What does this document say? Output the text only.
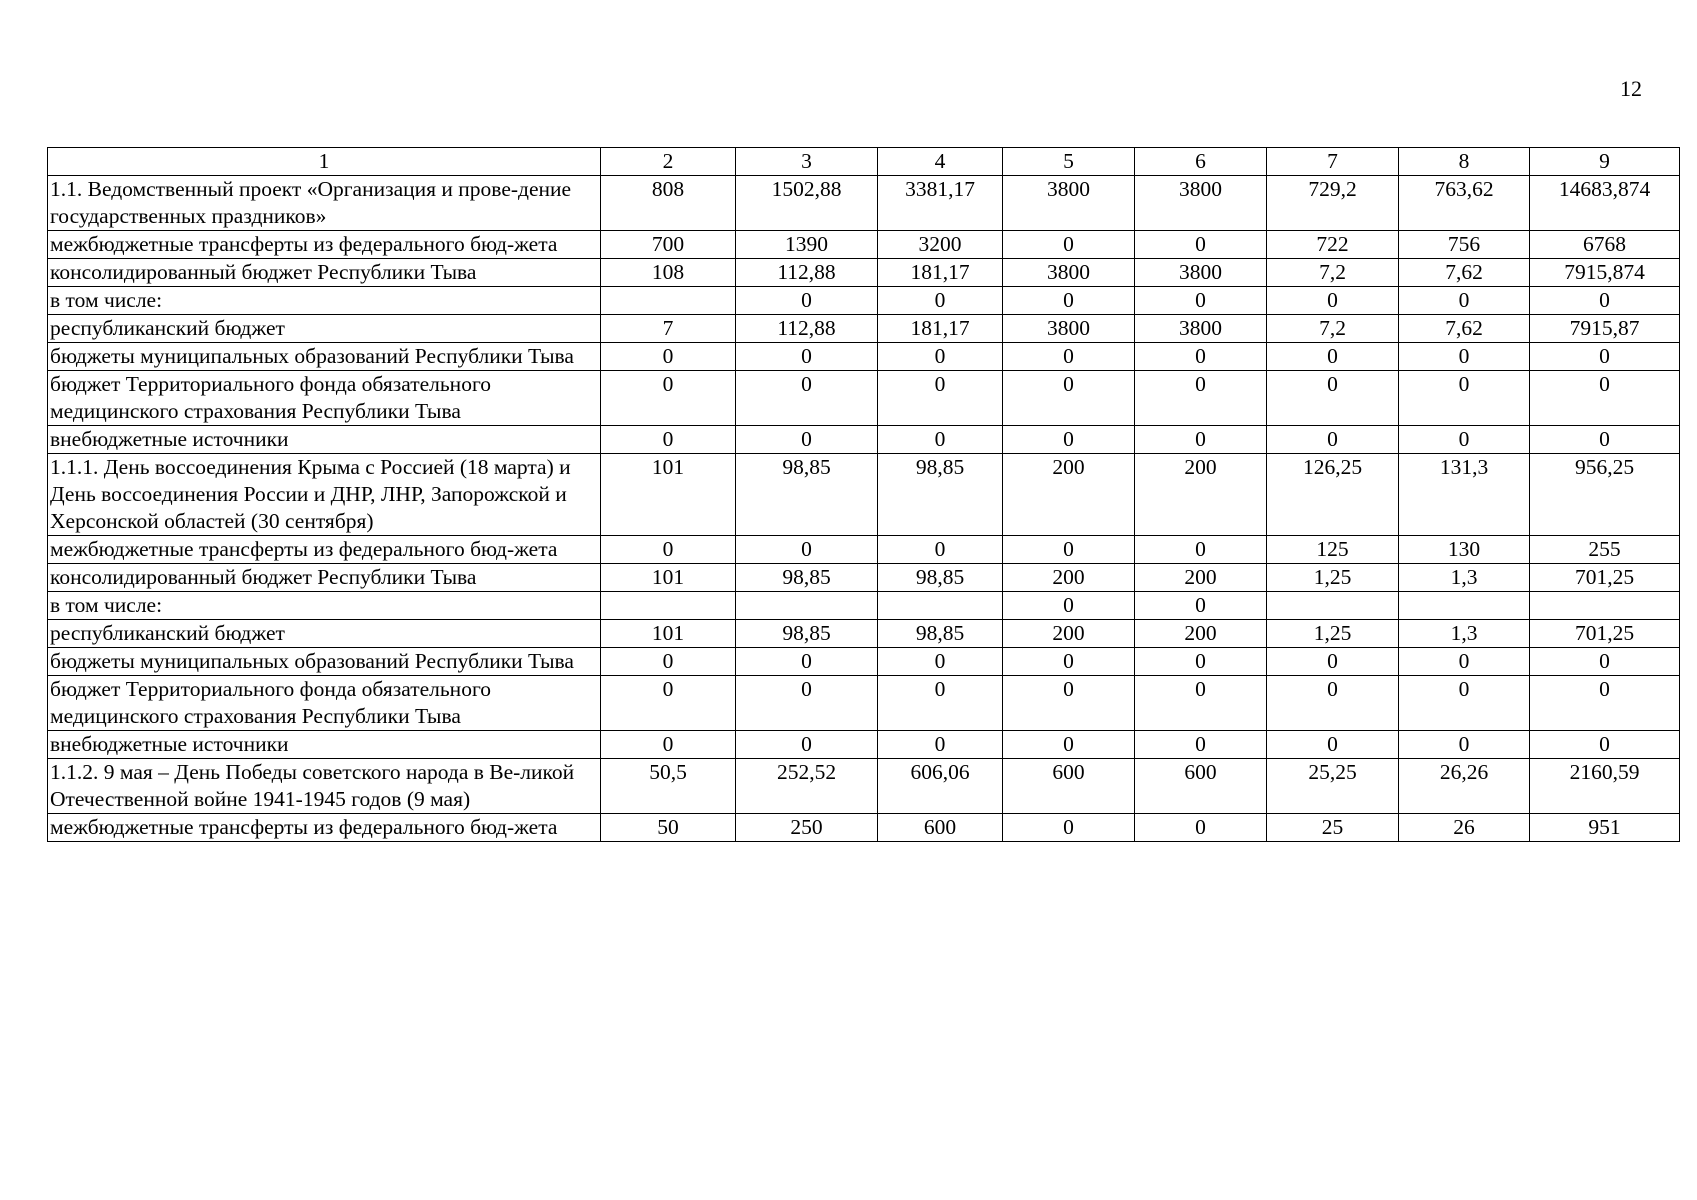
12
1	2	3	4	5	6	7	8	9
1.1. Ведомственный проект «Организация и прове-дение государственных праздников»	808	1502,88	3381,17	3800	3800	729,2	763,62	14683,874
межбюджетные трансферты из федерального бюд-жета	700	1390	3200	0	0	722	756	6768
консолидированный бюджет Республики Тыва	108	112,88	181,17	3800	3800	7,2	7,62	7915,874
в том числе:		0	0	0	0	0	0	0
республиканский бюджет	7	112,88	181,17	3800	3800	7,2	7,62	7915,87
бюджеты муниципальных образований Республики Тыва	0	0	0	0	0	0	0	0
бюджет Территориального фонда обязательного медицинского страхования Республики Тыва	0	0	0	0	0	0	0	0
внебюджетные источники	0	0	0	0	0	0	0	0
1.1.1. День воссоединения Крыма с Россией (18 марта) и День воссоединения России и ДНР, ЛНР, Запорожской и Херсонской областей (30 сентября)	101	98,85	98,85	200	200	126,25	131,3	956,25
межбюджетные трансферты из федерального бюд-жета	0	0	0	0	0	125	130	255
консолидированный бюджет Республики Тыва	101	98,85	98,85	200	200	1,25	1,3	701,25
в том числе:				0	0			
республиканский бюджет	101	98,85	98,85	200	200	1,25	1,3	701,25
бюджеты муниципальных образований Республики Тыва	0	0	0	0	0	0	0	0
бюджет Территориального фонда обязательного медицинского страхования Республики Тыва	0	0	0	0	0	0	0	0
внебюджетные источники	0	0	0	0	0	0	0	0
1.1.2. 9 мая – День Победы советского народа в Ве-ликой Отечественной войне 1941-1945 годов (9 мая)	50,5	252,52	606,06	600	600	25,25	26,26	2160,59
межбюджетные трансферты из федерального бюд-жета	50	250	600	0	0	25	26	951
